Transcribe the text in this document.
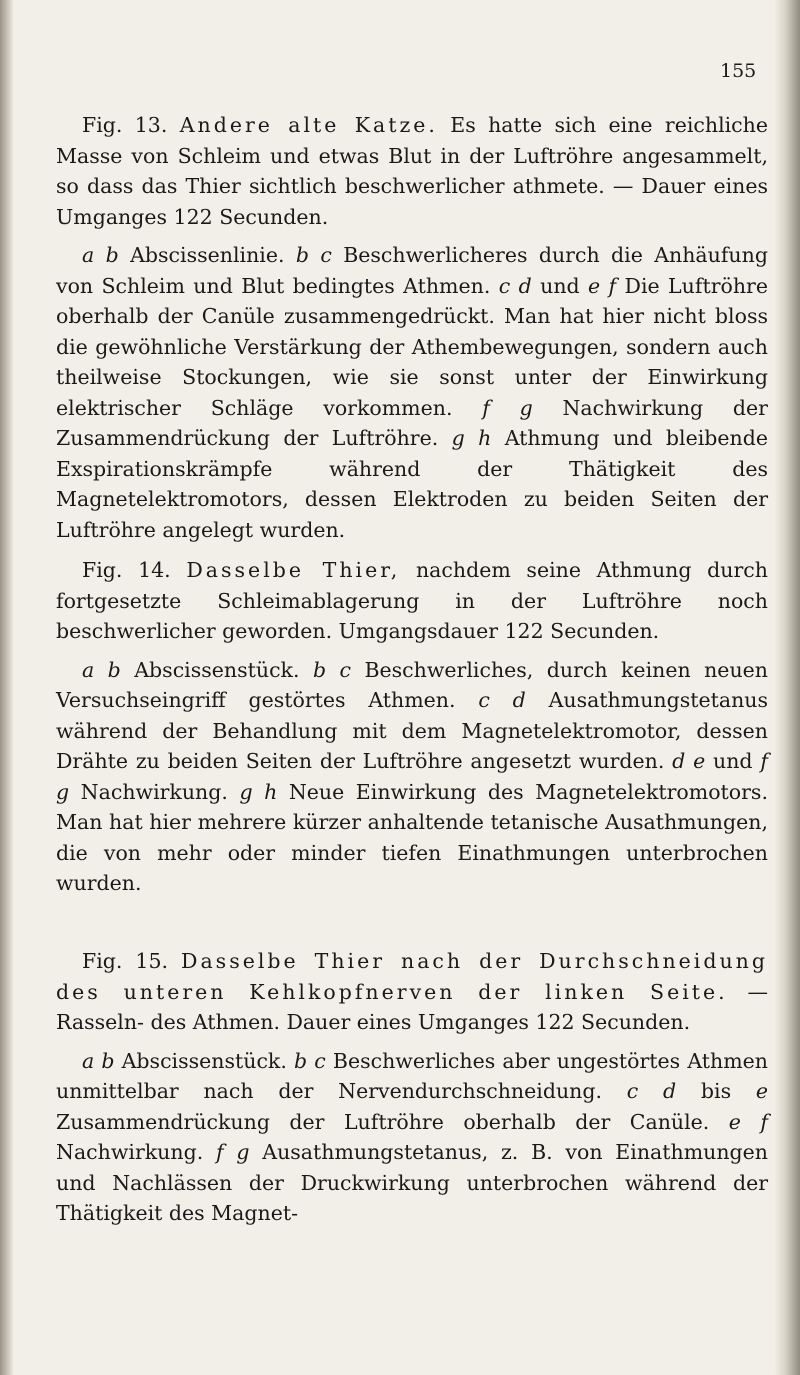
155

Fig. 13. Andere alte Katze. Es hatte sich eine reichliche Masse von Schleim und etwas Blut in der Luftröhre angesammelt, so dass das Thier sichtlich beschwerlicher athmete. — Dauer eines Umganges 122 Secunden.

a b Abscissenlinie. b c Beschwerlicheres durch die Anhäufung von Schleim und Blut bedingtes Athmen. c d und e f Die Luftröhre oberhalb der Canüle zusammengedrückt. Man hat hier nicht bloss die gewöhnliche Verstärkung der Athembewegungen, sondern auch theilweise Stockungen, wie sie sonst unter der Einwirkung elektrischer Schläge vorkommen. f g Nachwirkung der Zusammendrückung der Luftröhre. g h Athmung und bleibende Exspirationskrämpfe während der Thätigkeit des Magnetelektromotors, dessen Elektroden zu beiden Seiten der Luftröhre angelegt wurden.

Fig. 14. Dasselbe Thier, nachdem seine Athmung durch fortgesetzte Schleimablagerung in der Luftröhre noch beschwerlicher geworden. Umgangsdauer 122 Secunden.

a b Abscissenstück. b c Beschwerliches, durch keinen neuen Versuchseingriff gestörtes Athmen. c d Ausathmungstetanus während der Behandlung mit dem Magnetelektromotor, dessen Drähte zu beiden Seiten der Luftröhre angesetzt wurden. d e und f g Nachwirkung. g h Neue Einwirkung des Magnetelektromotors. Man hat hier mehrere kürzer anhaltende tetanische Ausathmungen, die von mehr oder minder tiefen Einathmungen unterbrochen wurden.

Fig. 15. Dasselbe Thier nach der Durchschneidung des unteren Kehlkopfnerven der linken Seite. — Rasseln- des Athmen. Dauer eines Umganges 122 Secunden.

a b Abscissenstück. b c Beschwerliches aber ungestörtes Athmen unmittelbar nach der Nervendurchschneidung. c d bis e Zusammendrückung der Luftröhre oberhalb der Canüle. e f Nachwirkung. f g Ausathmungstetanus, z. B. von Einathmungen und Nachlässen der Druckwirkung unterbrochen während der Thätigkeit des Magnet-
